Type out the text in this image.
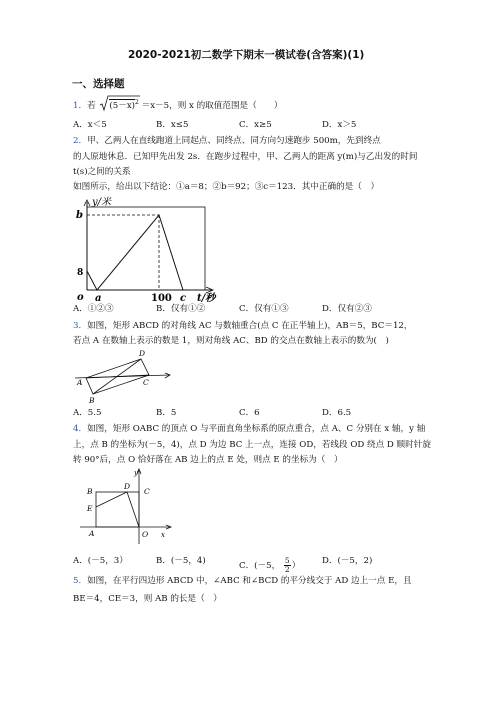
2020-2021初二数学下期末一模试卷(含答案)(1)
一、选择题
1．若 $(5-x)^2 =x-5$，则 x 的取值范围是（　　）
A．x＜5	B．x≤5	C．x≥5	D．x＞5
2．甲、乙两人在直线跑道上同起点、同终点、同方向匀速跑步 500m，先到终点
的人原地休息．已知甲先出发 2s．在跑步过程中，甲、乙两人的距离 y(m)与乙出发的时间
t(s)之间的关系
如图所示，给出以下结论：①a＝8；②b＝92；③c＝123．其中正确的是（　）
y/米
b
8
o a	100 c t/秒
A．①②③	B．仅有①②	C．仅有①③	D．仅有②③
3．如图，矩形 ABCD 的对角线 AC 与数轴重合(点 C 在正半轴上)，AB＝5，BC＝12，
若点 A 在数轴上表示的数是 1，则对角线 AC、BD 的交点在数轴上表示的数为(　)
A
B
C
D
A．5.5	B．5	C．6	D．6.5
4．如图，矩形 OABC 的顶点 O 与平面直角坐标系的原点重合，点 A、C 分别在 x 轴，y 轴
上，点 B 的坐标为(－5，4)，点 D 为边 BC 上一点，连接 OD，若线段 OD 绕点 D 顺时针旋
转 90°后，点 O 恰好落在 AB 边上的点 E 处，则点 E 的坐标为（　）
y
x
B
D
C
E
A	O
A．(－5，3）	B．(－5，4)	C．(－5， $\frac{5}{2}$ ）	D．(－5，2)
5．如图，在平行四边形 ABCD 中，∠ABC 和∠BCD 的平分线交于 AD 边上一点 E，且
BE＝4，CE＝3，则 AB 的长是（　）
